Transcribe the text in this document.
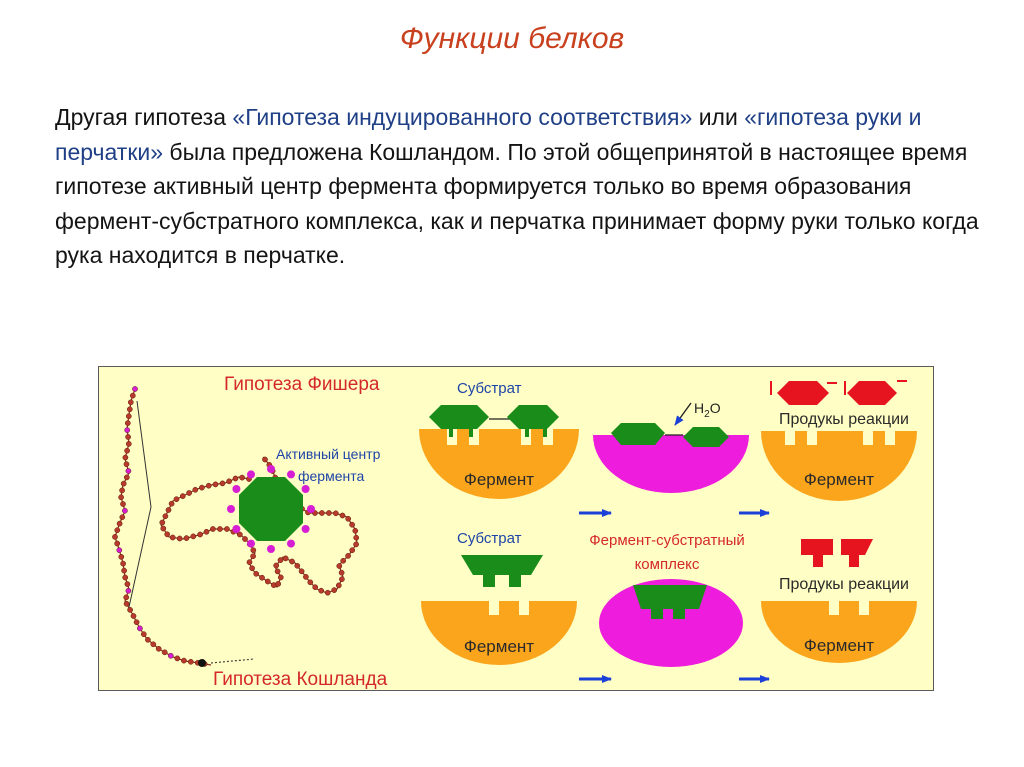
Функции белков
Другая гипотеза «Гипотеза индуцированного соответствия» или «гипотеза руки и перчатки» была предложена Кошландом. По этой общепринятой в настоящее время гипотезе активный центр фермента формируется только во время образования фермент-субстратного комплекса, как и перчатка принимает форму руки только когда рука находится в перчатке.
Гипотеза Фишера
Гипотеза Кошланда
Активный центр
фермента
Субстрат
Фермент
$H_2O$
Продукы реакции
Фермент
Субстрат
Фермент
Фермент-субстратный
комплекс
Продукы реакции
Фермент
